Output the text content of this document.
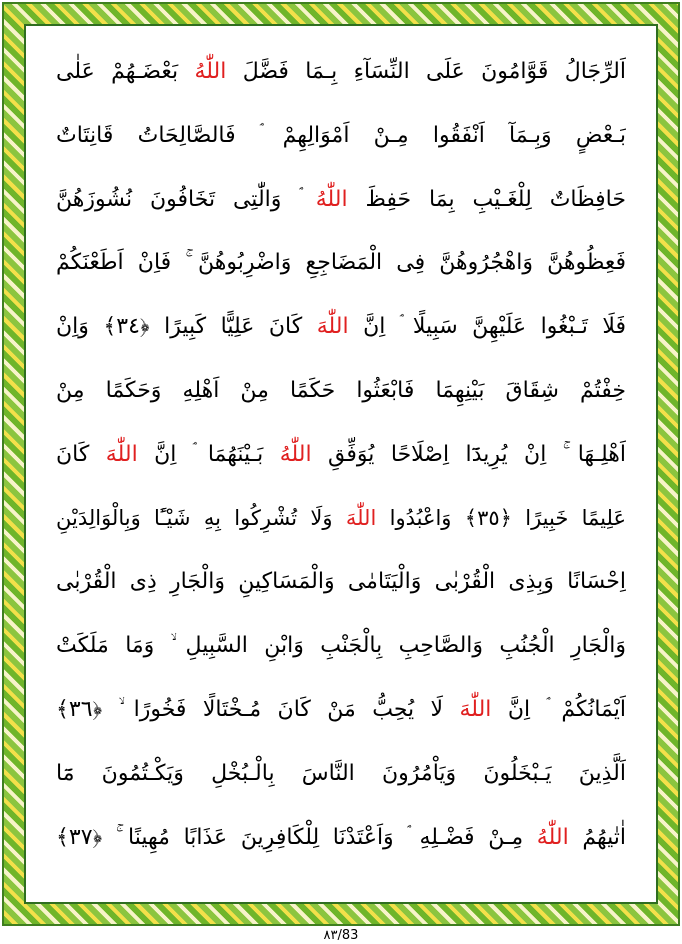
اَلرِّجَالُ قَوَّامُونَ عَلَى النِّسَآءِ بِـمَا فَضَّلَ اللّٰهُ بَعْضَـهُمْ عَلٰى
بَـعْضٍ وَبِـمَآ اَنْفَقُوا مِـنْ اَمْوَالِهِمْ ۘ فَالصَّالِحَاتُ قَانِتَاتٌ
حَافِظَاتٌ لِلْغَـيْبِ بِمَا حَفِظَ اللّٰهُ ۘ وَالّٰتِى تَخَافُونَ نُشُوزَهُنَّ
فَعِظُوهُنَّ وَاهْجُرُوهُنَّ فِى الْمَضَاجِعِ وَاضْرِبُوهُنَّ ۚ فَاِنْ اَطَعْنَكُمْ
فَلَا تَـبْغُوا عَلَيْهِنَّ سَبِيلًا ۘ اِنَّ اللّٰهَ كَانَ عَلِيًّا كَبِيرًا ﴿٣٤﴾ وَاِنْ
خِفْتُمْ شِقَاقَ بَيْنِهِمَا فَابْعَثُوا حَكَمًا مِنْ اَهْلِهِ وَحَكَمًا مِنْ
اَهْلِـهَا ۚ اِنْ يُرِيدَٓا اِصْلَاحًا يُوَفِّقِ اللّٰهُ بَـيْنَهُمَا ۘ اِنَّ اللّٰهَ كَانَ
عَلِيمًا خَبِيرًا ﴿٣٥﴾ وَاعْبُدُوا اللّٰهَ وَلَا تُشْرِكُوا بِهِ شَيْـًٔا وَبِالْوَالِدَيْنِ
اِحْسَانًا وَبِذِى الْقُرْبٰى وَالْيَتَامٰى وَالْمَسَاكِينِ وَالْجَارِ ذِى الْقُرْبٰى
وَالْجَارِ الْجُنُبِ وَالصَّاحِبِ بِالْجَنْبِ وَابْنِ السَّبِيلِ ۙ وَمَا مَلَكَتْ
اَيْمَانُكُمْ ۘ اِنَّ اللّٰهَ لَا يُحِبُّ مَنْ كَانَ مُـخْتَالًا فَخُورًا ۙ ﴿٣٦﴾
اَلَّذِينَ يَـبْخَلُونَ وَيَاْمُرُونَ النَّاسَ بِالْـبُخْلِ وَيَكْـتُمُونَ مَٓا
اٰتٰيهُمُ اللّٰهُ مِـنْ فَضْـلِهِ ۘ وَاَعْتَدْنَا لِلْكَافِرِينَ عَذَابًا مُهِينًا ۚ ﴿٣٧﴾
٨٣/83
